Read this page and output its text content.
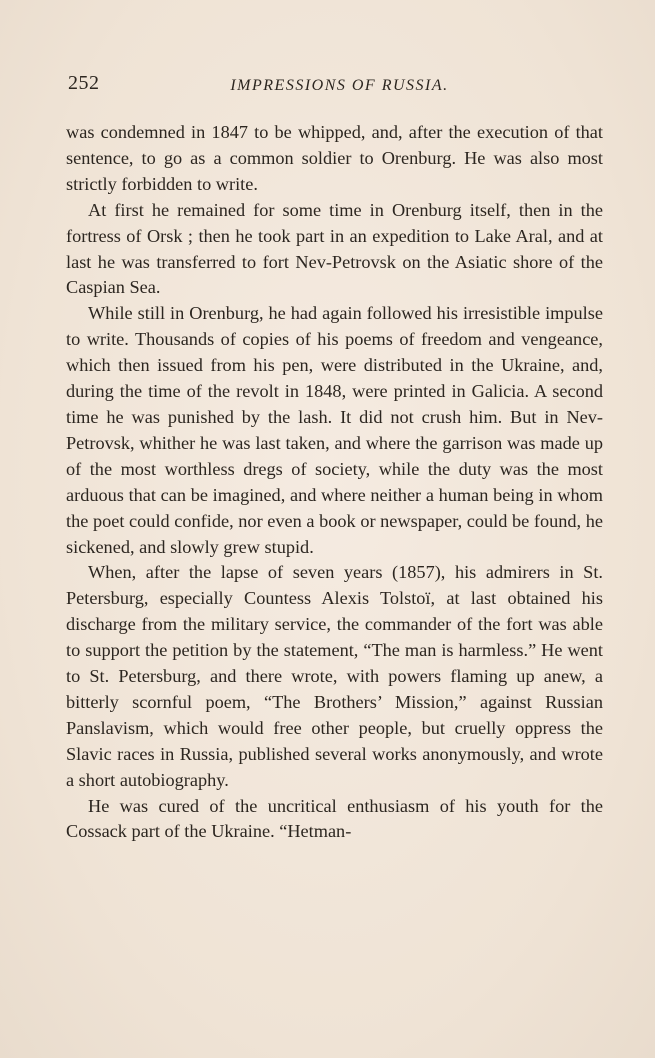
252	IMPRESSIONS OF RUSSIA.

was condemned in 1847 to be whipped, and, after the execution of that sentence, to go as a common soldier to Orenburg. He was also most strictly forbidden to write.

At first he remained for some time in Orenburg itself, then in the fortress of Orsk ; then he took part in an expedition to Lake Aral, and at last he was transferred to fort Nev-Petrovsk on the Asiatic shore of the Caspian Sea.

While still in Orenburg, he had again followed his irresistible impulse to write. Thousands of copies of his poems of freedom and vengeance, which then issued from his pen, were distributed in the Ukraine, and, during the time of the revolt in 1848, were printed in Galicia. A second time he was punished by the lash. It did not crush him. But in Nev-Petrovsk, whither he was last taken, and where the garrison was made up of the most worthless dregs of society, while the duty was the most arduous that can be imagined, and where neither a human being in whom the poet could confide, nor even a book or newspaper, could be found, he sickened, and slowly grew stupid.

When, after the lapse of seven years (1857), his admirers in St. Petersburg, especially Countess Alexis Tolstoï, at last obtained his discharge from the military service, the commander of the fort was able to support the petition by the statement, “The man is harmless.” He went to St. Petersburg, and there wrote, with powers flaming up anew, a bitterly scornful poem, “The Brothers’ Mission,” against Russian Panslavism, which would free other people, but cruelly oppress the Slavic races in Russia, published several works anonymously, and wrote a short autobiography.

He was cured of the uncritical enthusiasm of his youth for the Cossack part of the Ukraine. “Hetman-
